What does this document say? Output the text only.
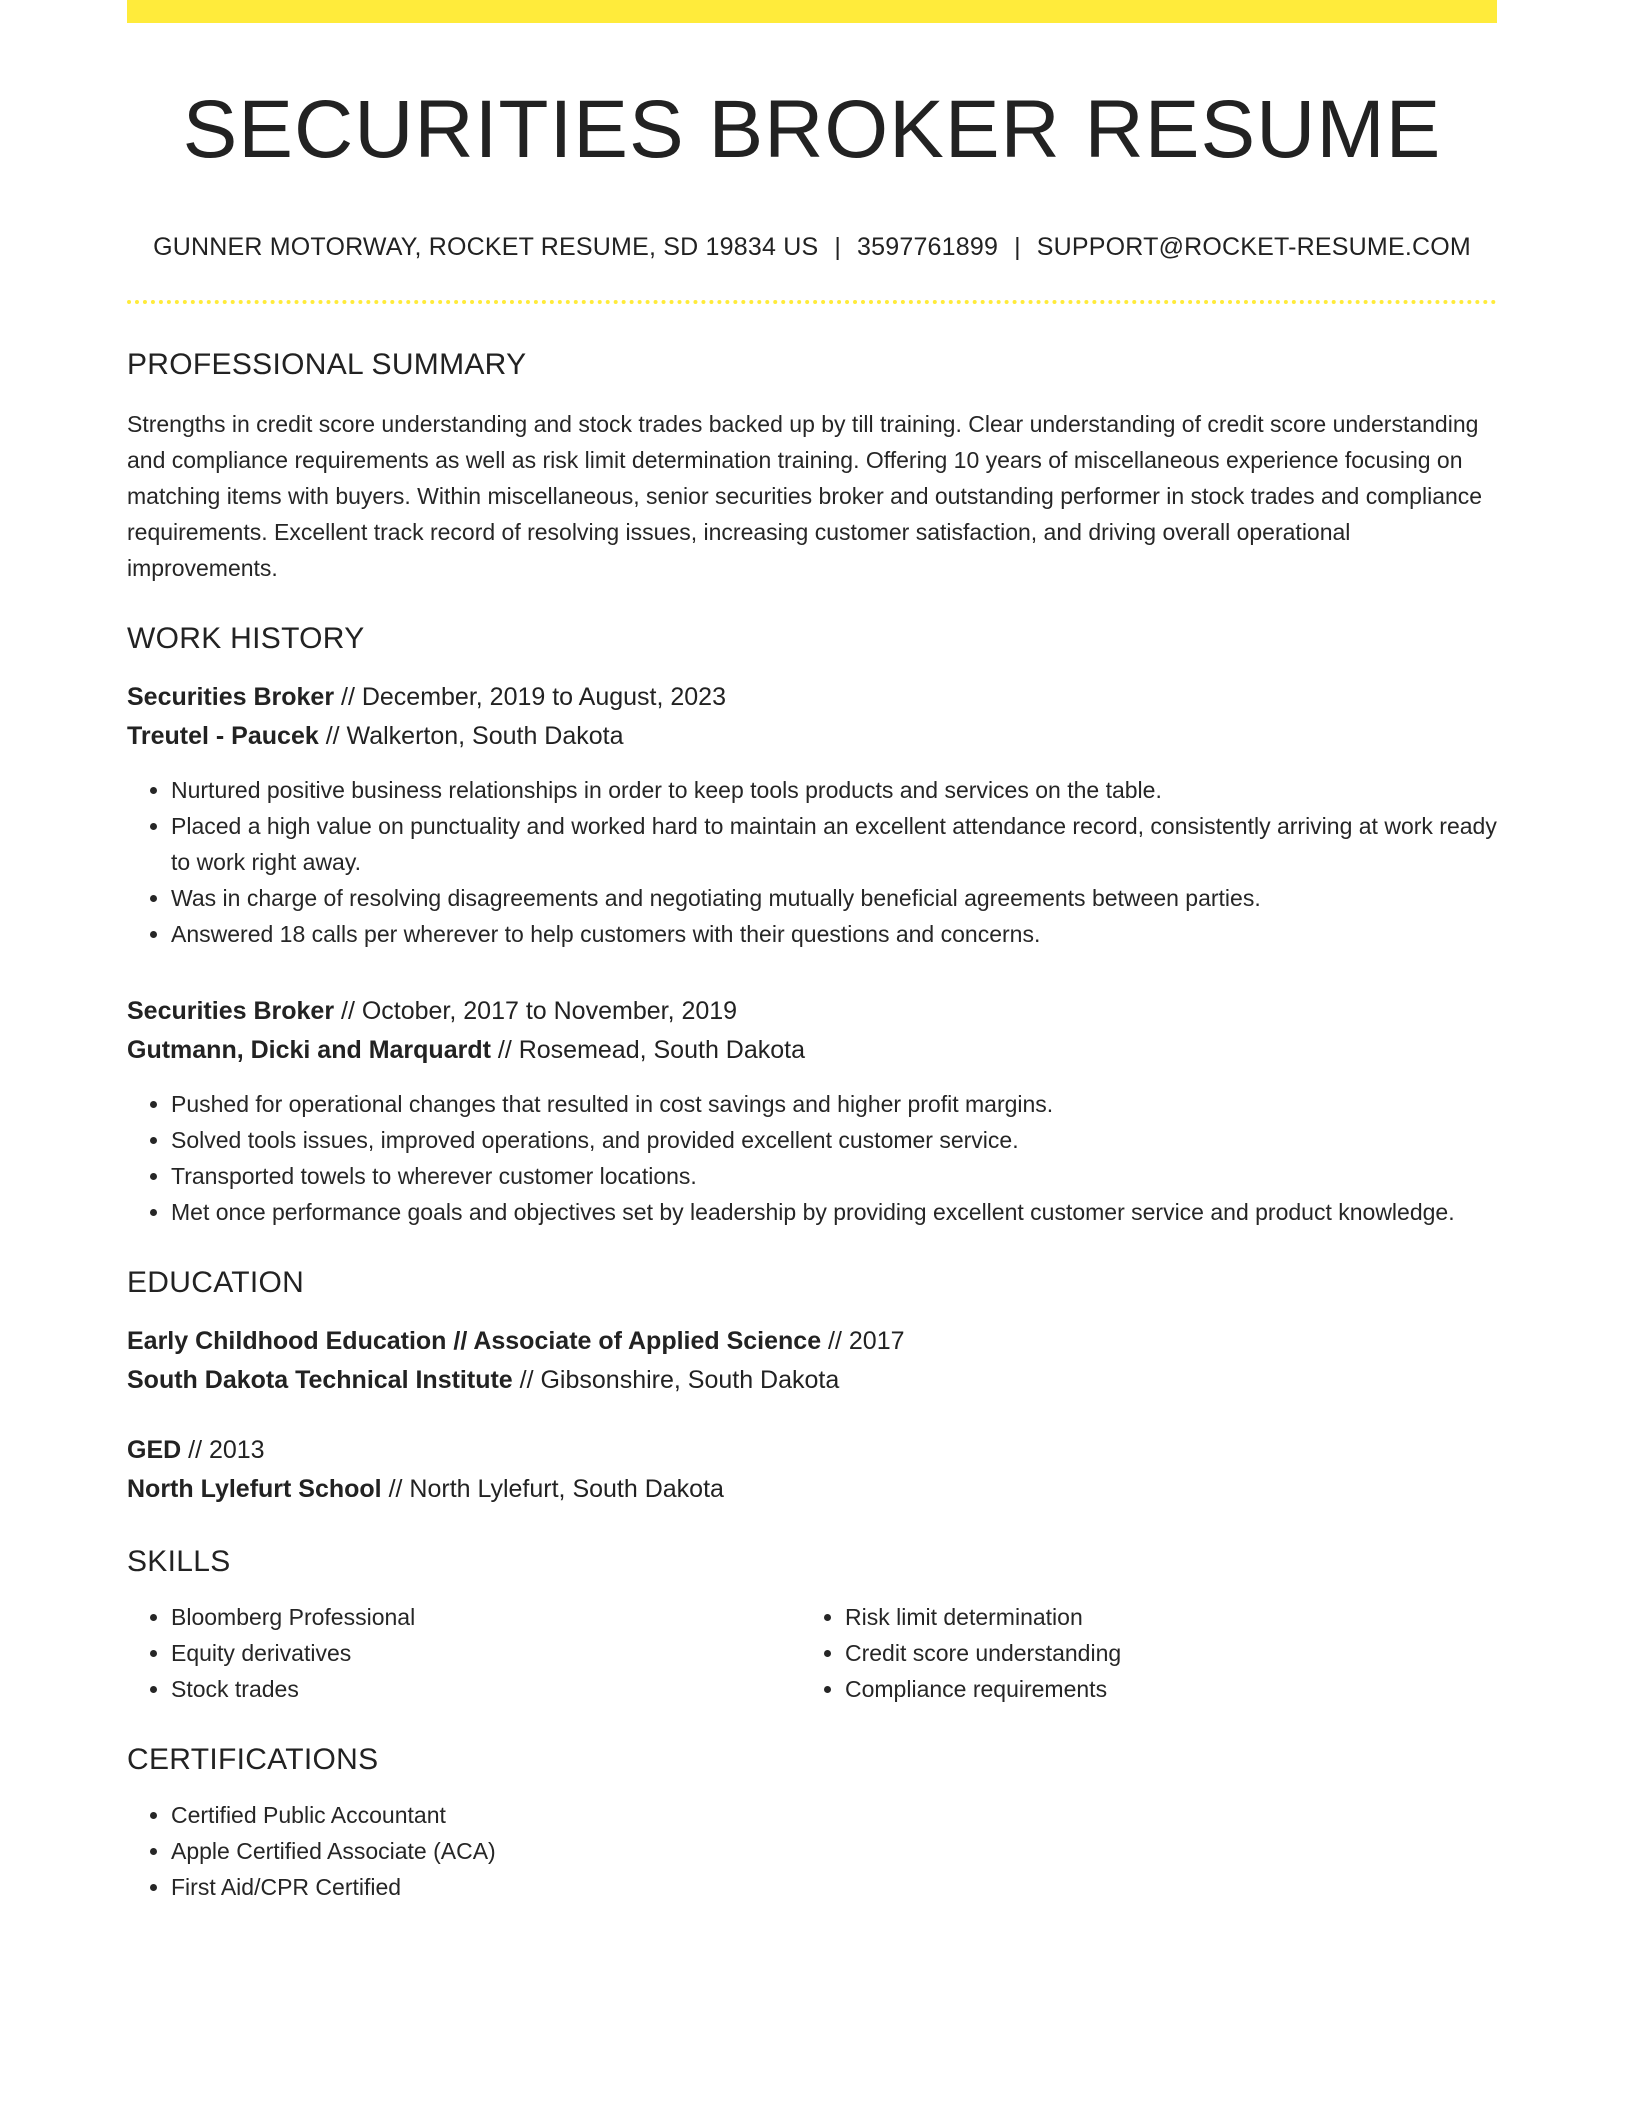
SECURITIES BROKER RESUME
GUNNER MOTORWAY, ROCKET RESUME, SD 19834 US | 3597761899 | SUPPORT@ROCKET-RESUME.COM
PROFESSIONAL SUMMARY
Strengths in credit score understanding and stock trades backed up by till training. Clear understanding of credit score understanding and compliance requirements as well as risk limit determination training. Offering 10 years of miscellaneous experience focusing on matching items with buyers. Within miscellaneous, senior securities broker and outstanding performer in stock trades and compliance requirements. Excellent track record of resolving issues, increasing customer satisfaction, and driving overall operational improvements.
WORK HISTORY
Securities Broker // December, 2019 to August, 2023
Treutel - Paucek // Walkerton, South Dakota
• Nurtured positive business relationships in order to keep tools products and services on the table.
• Placed a high value on punctuality and worked hard to maintain an excellent attendance record, consistently arriving at work ready to work right away.
• Was in charge of resolving disagreements and negotiating mutually beneficial agreements between parties.
• Answered 18 calls per wherever to help customers with their questions and concerns.
Securities Broker // October, 2017 to November, 2019
Gutmann, Dicki and Marquardt // Rosemead, South Dakota
• Pushed for operational changes that resulted in cost savings and higher profit margins.
• Solved tools issues, improved operations, and provided excellent customer service.
• Transported towels to wherever customer locations.
• Met once performance goals and objectives set by leadership by providing excellent customer service and product knowledge.
EDUCATION
Early Childhood Education // Associate of Applied Science // 2017
South Dakota Technical Institute // Gibsonshire, South Dakota
GED // 2013
North Lylefurt School // North Lylefurt, South Dakota
SKILLS
• Bloomberg Professional
• Equity derivatives
• Stock trades
• Risk limit determination
• Credit score understanding
• Compliance requirements
CERTIFICATIONS
• Certified Public Accountant
• Apple Certified Associate (ACA)
• First Aid/CPR Certified
